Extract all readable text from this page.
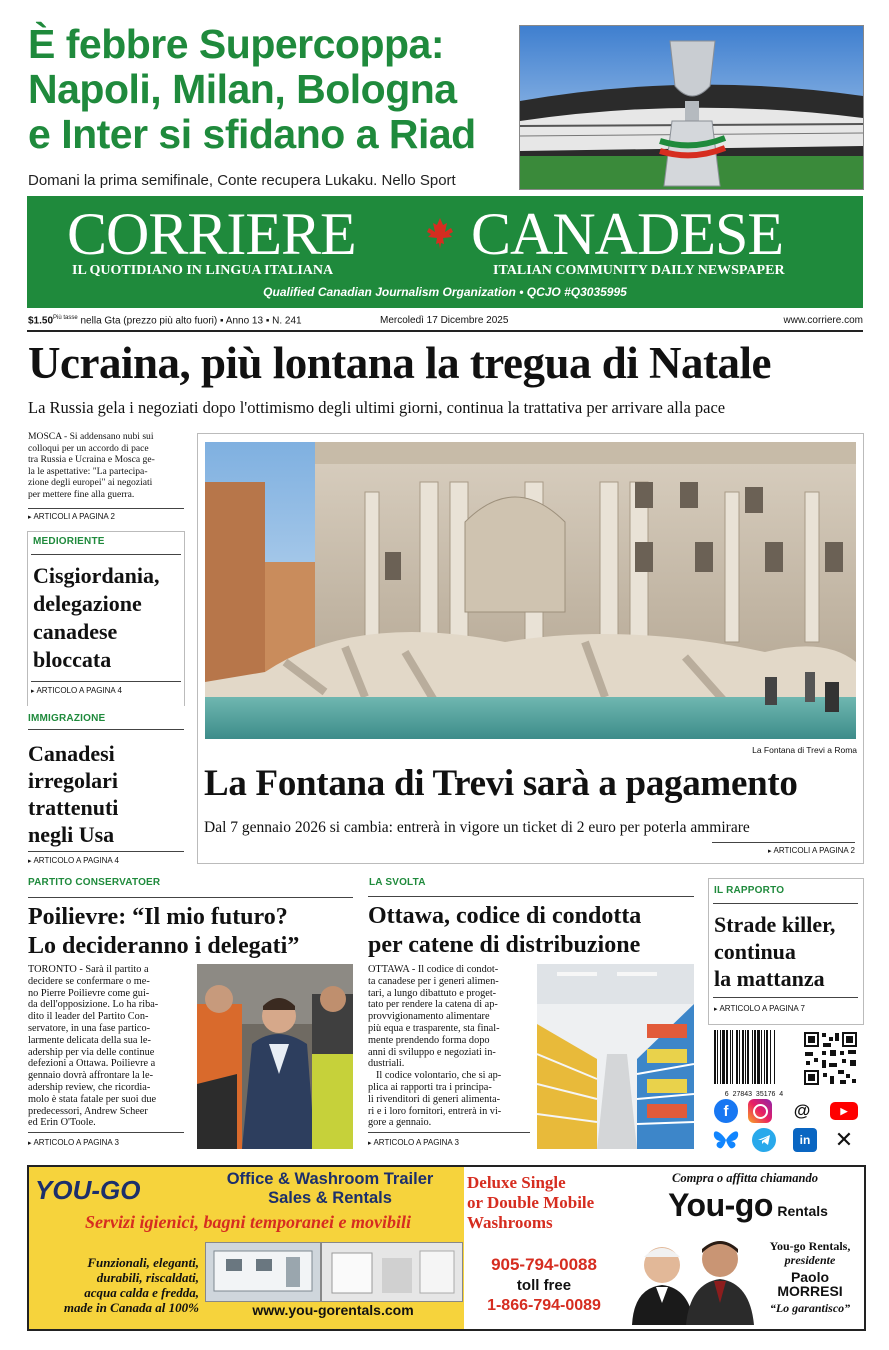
È febbre Supercoppa:
Napoli, Milan, Bologna
e Inter si sfidano a Riad
Domani la prima semifinale, Conte recupera Lukaku. Nello Sport
CORRIERE CANADESE
IL QUOTIDIANO IN LINGUA ITALIANA	ITALIAN COMMUNITY DAILY NEWSPAPER
Qualified Canadian Journalism Organization • QCJO #Q3035995
$\$1.50^{Più tasse}$ nella Gta (prezzo più alto fuori) ▪ Anno 13 ▪ N. 241	Mercoledì 17 Dicembre 2025	www.corriere.com
Ucraina, più lontana la tregua di Natale
La Russia gela i negoziati dopo l'ottimismo degli ultimi giorni, continua la trattativa per arrivare alla pace
MOSCA - Si addensano nubi sui
colloqui per un accordo di pace
tra Russia e Ucraina e Mosca ge-
la le aspettative: "La partecipa-
zione degli europei" ai negoziati
per mettere fine alla guerra.
▸ ARTICOLI A PAGINA 2
MEDIORIENTE
Cisgiordania,
delegazione
canadese
bloccata
▸ ARTICOLO A PAGINA 4
IMMIGRAZIONE
Canadesi
irregolari
trattenuti
negli Usa
▸ ARTICOLO A PAGINA 4
La Fontana di Trevi a Roma
La Fontana di Trevi sarà a pagamento
Dal 7 gennaio 2026 si cambia: entrerà in vigore un ticket di 2 euro per poterla ammirare
▸ ARTICOLI A PAGINA 2
PARTITO CONSERVATOER
Poilievre: “Il mio futuro?
Lo decideranno i delegati”
TORONTO - Sarà il partito a
decidere se confermare o me-
no Pierre Poilievre come gui-
da dell'opposizione. Lo ha riba-
dito il leader del Partito Con-
servatore, in una fase partico-
larmente delicata della sua le-
adership per via delle continue
defezioni a Ottawa. Poilievre a
gennaio dovrà affrontare la le-
adership review, che ricordia-
molo è stata fatale per suoi due
predecessori, Andrew Scheer
ed Erin O'Toole.
▸ ARTICOLO A PAGINA 3
LA SVOLTA
Ottawa, codice di condotta
per catene di distribuzione
OTTAWA - Il codice di condot-
ta canadese per i generi alimen-
tari, a lungo dibattuto e proget-
tato per rendere la catena di ap-
provvigionamento alimentare
più equa e trasparente, sta final-
mente prendendo forma dopo
anni di sviluppo e negoziati in-
dustriali.
Il codice volontario, che si ap-
plica ai rapporti tra i principa-
li rivenditori di generi alimenta-
ri e i loro fornitori, entrerà in vi-
gore a gennaio.
▸ ARTICOLO A PAGINA 3
IL RAPPORTO
Strade killer,
continua
la mattanza
▸ ARTICOLO A PAGINA 7
6  27843  35176  4
f	@	▶
in	✕
YOU-GO	Office & Washroom Trailer
Sales & Rentals
Servizi igienici, bagni temporanei e movibili
Funzionali, eleganti,
durabili, riscaldati,
acqua calda e fredda,
made in Canada al 100%	www.you-gorentals.com
Deluxe Single
or Double Mobile
Washrooms
905-794-0088
toll free
1-866-794-0089
Compra o affitta chiamando
You-go Rentals
You-go Rentals,
presidente
Paolo
MORRESI
“Lo garantisco”
